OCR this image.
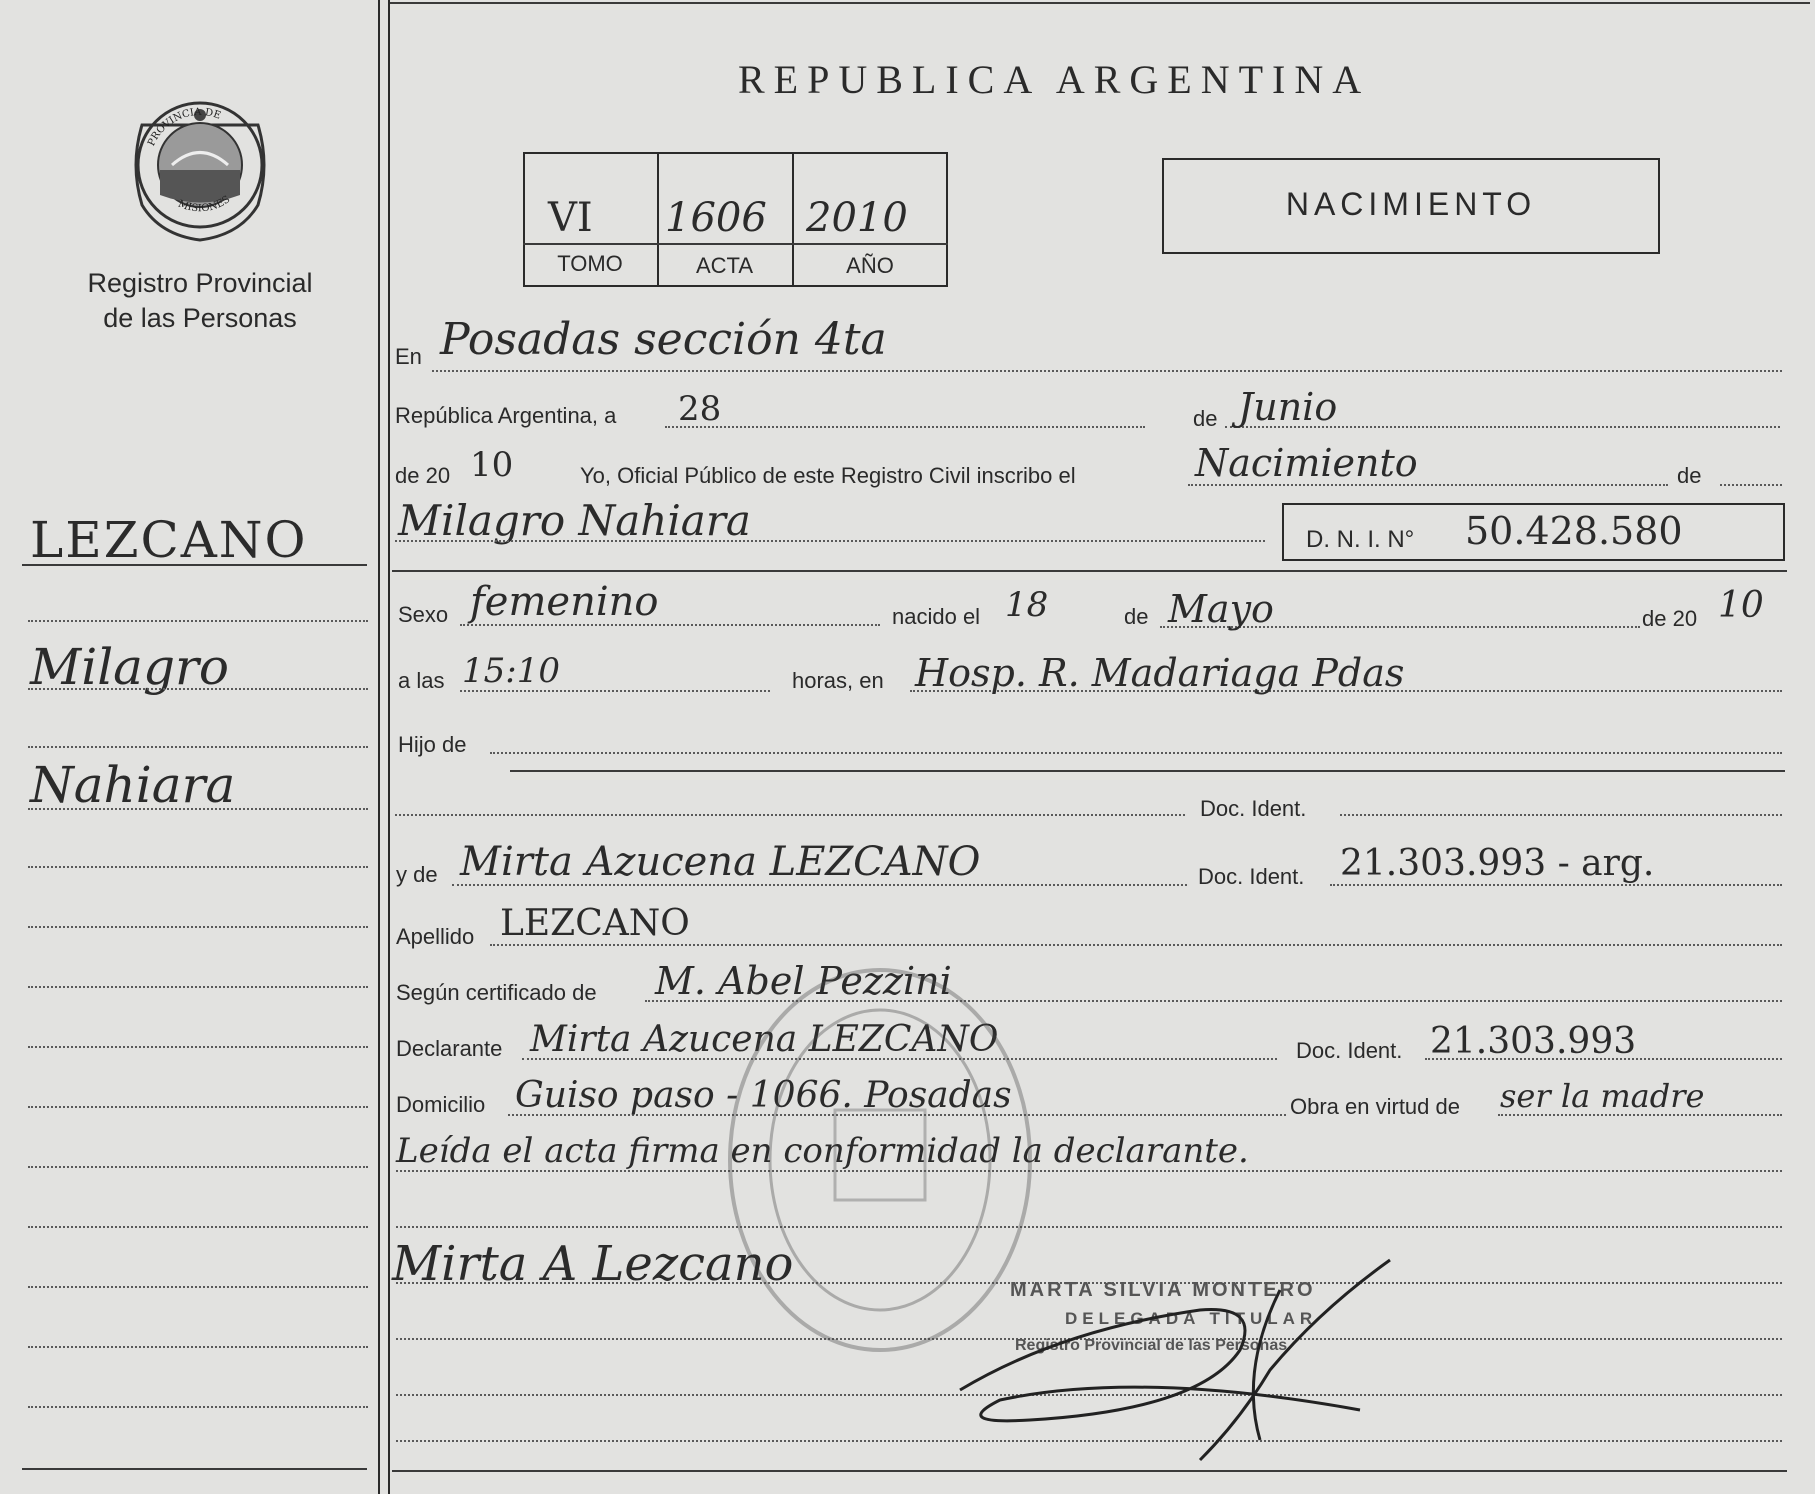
PROVINCIA DE
MISIONES
Registro Provincial
de las Personas
LEZCANO
Milagro
Nahiara
REPUBLICA ARGENTINA
VI 1606 2010
TOMO	ACTA	AÑO
NACIMIENTO
En Posadas sección 4ta
República Argentina, a 28	de Junio
de 20 10	Yo, Oficial Público de este Registro Civil inscribo el	Nacimiento	de
Milagro Nahiara	D. N. I. N° 50.428.580
Sexo femenino	nacido el 18	de Mayo	de 20 10
a las 15:10	horas, en Hosp. R. Madariaga Pdas
Hijo de
Doc. Ident.
y de Mirta Azucena LEZCANO	Doc. Ident. 21.303.993 - arg.
Apellido LEZCANO
Según certificado de M. Abel Pezzini
Declarante Mirta Azucena LEZCANO	Doc. Ident. 21.303.993
Domicilio Guiso paso - 1066. Posadas	Obra en virtud de ser la madre
Leída el acta firma en conformidad la declarante.
Mirta A Lezcano	MARTA SILVIA MONTERO
DELEGADA TITULAR
Registro Provincial de las Personas
